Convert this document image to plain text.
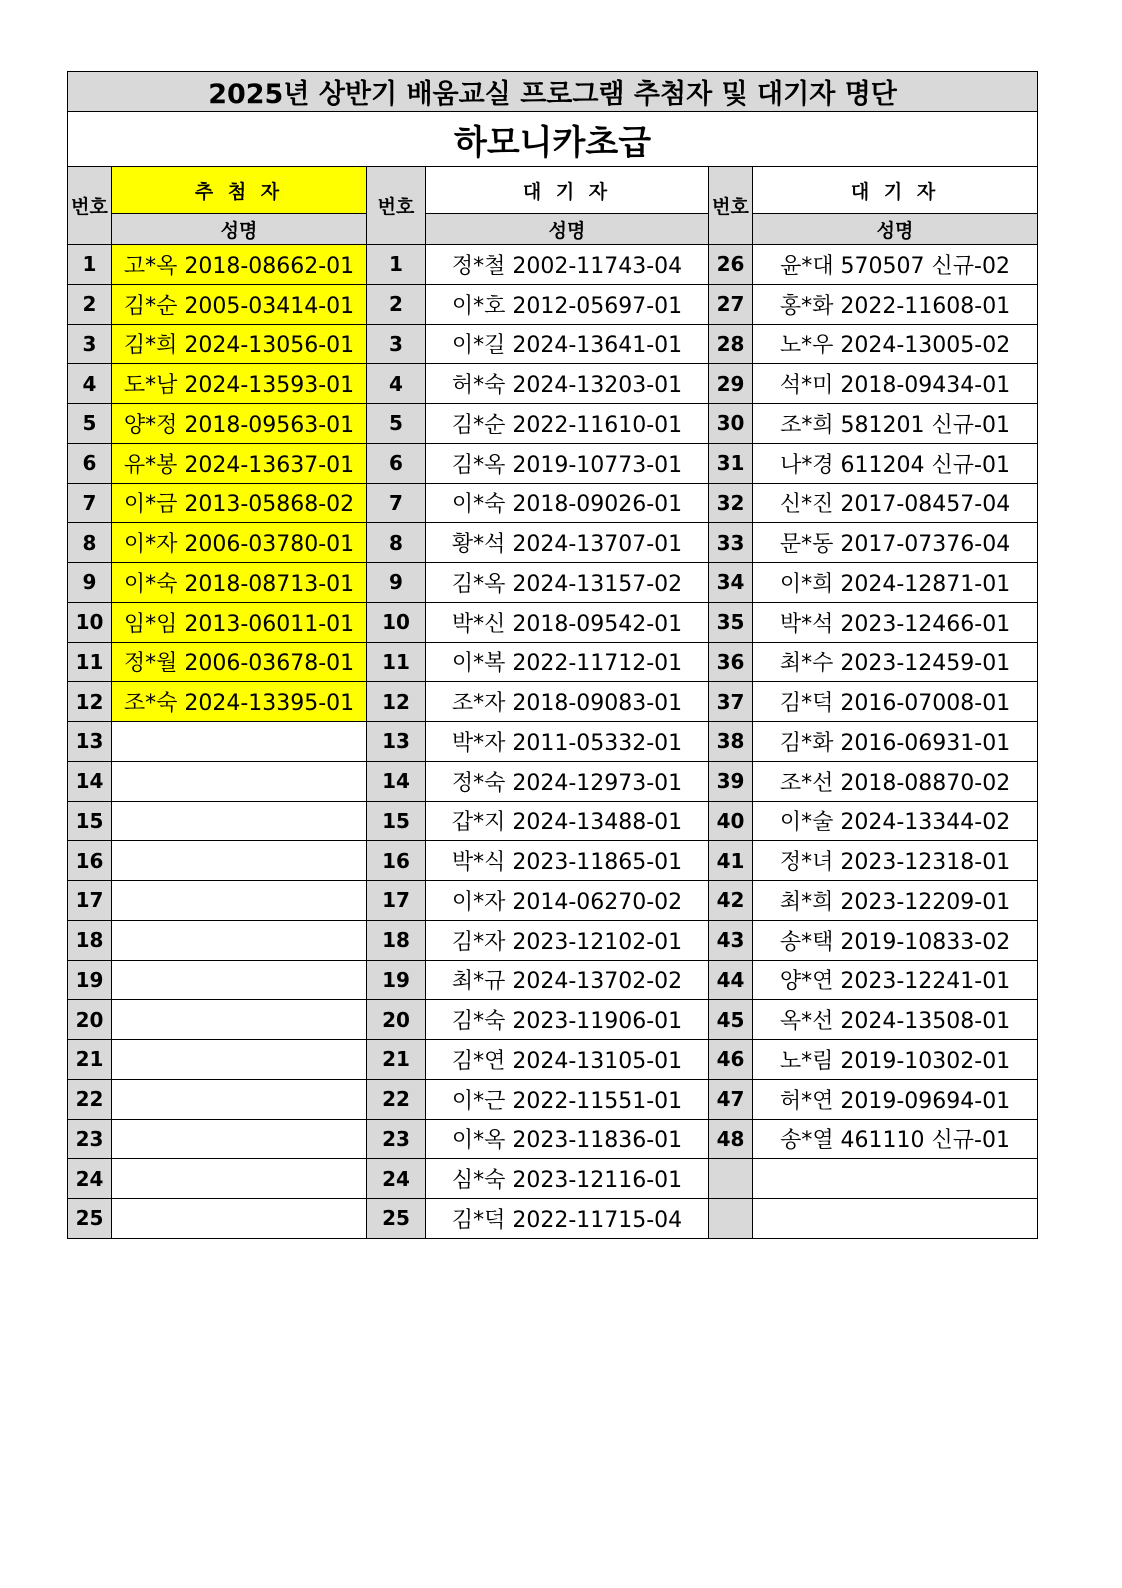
2025년 상반기 배움교실 프로그램 추첨자 및 대기자 명단					
하모니카초급					
번호	추 첨 자	번호	대 기 자	번호	대 기 자
	성명		성명		성명
1	고*옥 2018-08662-01	1	정*철 2002-11743-04	26	윤*대 570507 신규-02
2	김*순 2005-03414-01	2	이*호 2012-05697-01	27	홍*화 2022-11608-01
3	김*희 2024-13056-01	3	이*길 2024-13641-01	28	노*우 2024-13005-02
4	도*남 2024-13593-01	4	허*숙 2024-13203-01	29	석*미 2018-09434-01
5	양*정 2018-09563-01	5	김*순 2022-11610-01	30	조*희 581201 신규-01
6	유*봉 2024-13637-01	6	김*옥 2019-10773-01	31	나*경 611204 신규-01
7	이*금 2013-05868-02	7	이*숙 2018-09026-01	32	신*진 2017-08457-04
8	이*자 2006-03780-01	8	황*석 2024-13707-01	33	문*동 2017-07376-04
9	이*숙 2018-08713-01	9	김*옥 2024-13157-02	34	이*희 2024-12871-01
10	임*임 2013-06011-01	10	박*신 2018-09542-01	35	박*석 2023-12466-01
11	정*월 2006-03678-01	11	이*복 2022-11712-01	36	최*수 2023-12459-01
12	조*숙 2024-13395-01	12	조*자 2018-09083-01	37	김*덕 2016-07008-01
13		13	박*자 2011-05332-01	38	김*화 2016-06931-01
14		14	정*숙 2024-12973-01	39	조*선 2018-08870-02
15		15	갑*지 2024-13488-01	40	이*술 2024-13344-02
16		16	박*식 2023-11865-01	41	정*녀 2023-12318-01
17		17	이*자 2014-06270-02	42	최*희 2023-12209-01
18		18	김*자 2023-12102-01	43	송*택 2019-10833-02
19		19	최*규 2024-13702-02	44	양*연 2023-12241-01
20		20	김*숙 2023-11906-01	45	옥*선 2024-13508-01
21		21	김*연 2024-13105-01	46	노*림 2019-10302-01
22		22	이*근 2022-11551-01	47	허*연 2019-09694-01
23		23	이*옥 2023-11836-01	48	송*열 461110 신규-01
24		24	심*숙 2023-12116-01		
25		25	김*덕 2022-11715-04		
